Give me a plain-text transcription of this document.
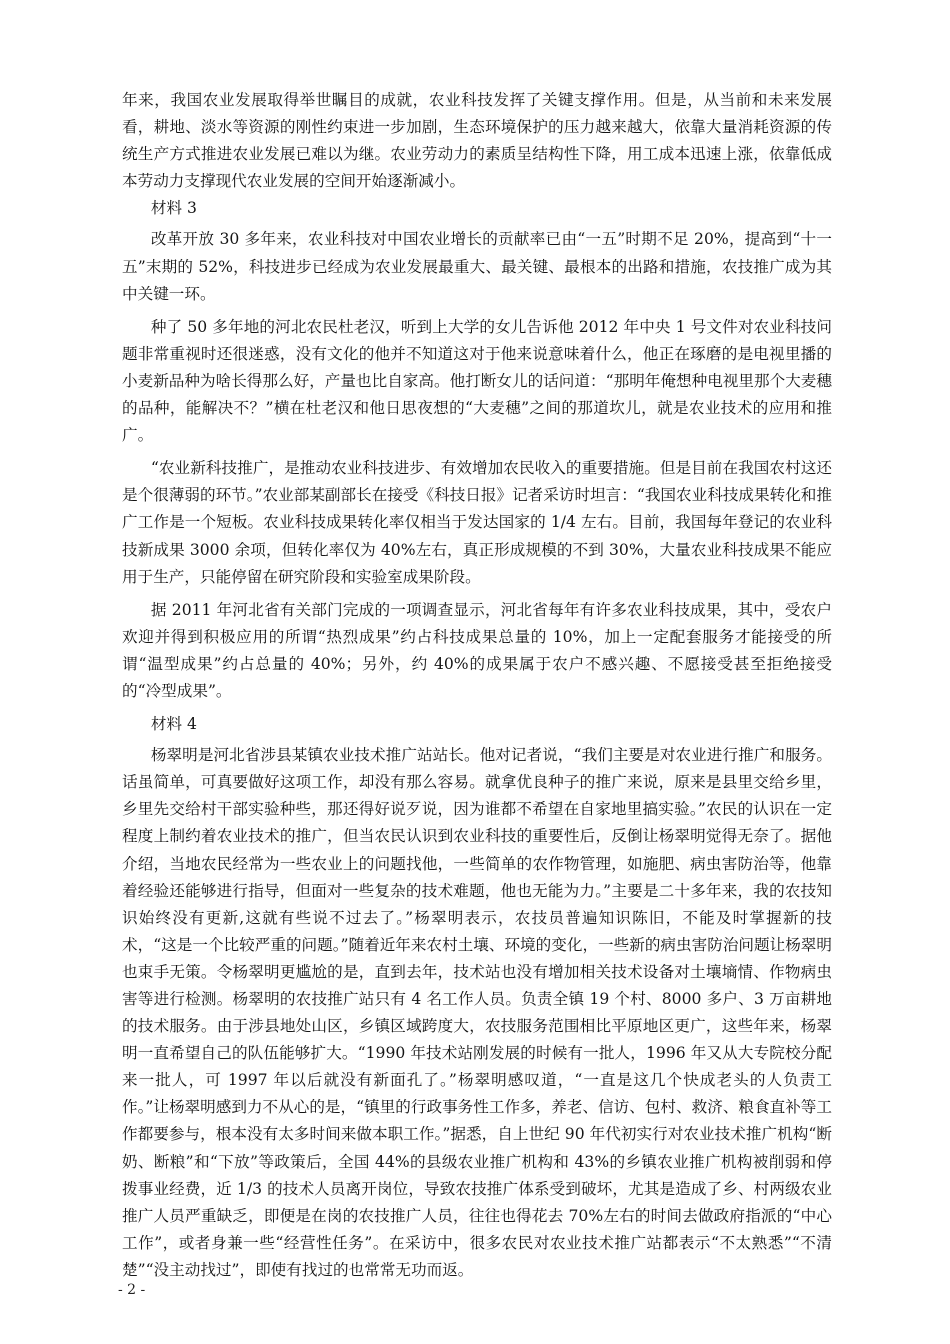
年来，我国农业发展取得举世瞩目的成就，农业科技发挥了关键支撑作用。但是，从当前和未来发展看，耕地、淡水等资源的刚性约束进一步加剧，生态环境保护的压力越来越大，依靠大量消耗资源的传统生产方式推进农业发展已难以为继。农业劳动力的素质呈结构性下降，用工成本迅速上涨，依靠低成本劳动力支撑现代农业发展的空间开始逐渐减小。

材料 3

改革开放 30 多年来，农业科技对中国农业增长的贡献率已由“一五”时期不足 20%，提高到“十一五”末期的 52%，科技进步已经成为农业发展最重大、最关键、最根本的出路和措施，农技推广成为其中关键一环。

种了 50 多年地的河北农民杜老汉，听到上大学的女儿告诉他 2012 年中央 1 号文件对农业科技问题非常重视时还很迷惑，没有文化的他并不知道这对于他来说意味着什么，他正在琢磨的是电视里播的小麦新品种为啥长得那么好，产量也比自家高。他打断女儿的话问道：“那明年俺想种电视里那个大麦穗的品种，能解决不？”横在杜老汉和他日思夜想的“大麦穗”之间的那道坎儿，就是农业技术的应用和推广。

“农业新科技推广，是推动农业科技进步、有效增加农民收入的重要措施。但是目前在我国农村这还是个很薄弱的环节。”农业部某副部长在接受《科技日报》记者采访时坦言：“我国农业科技成果转化和推广工作是一个短板。农业科技成果转化率仅相当于发达国家的 1/4 左右。目前，我国每年登记的农业科技新成果 3000 余项，但转化率仅为 40%左右，真正形成规模的不到 30%，大量农业科技成果不能应用于生产，只能停留在研究阶段和实验室成果阶段。

据 2011 年河北省有关部门完成的一项调查显示，河北省每年有许多农业科技成果，其中，受农户欢迎并得到积极应用的所谓“热烈成果”约占科技成果总量的 10%，加上一定配套服务才能接受的所谓“温型成果”约占总量的 40%；另外，约 40%的成果属于农户不感兴趣、不愿接受甚至拒绝接受的“冷型成果”。

材料 4

杨翠明是河北省涉县某镇农业技术推广站站长。他对记者说，“我们主要是对农业进行推广和服务。话虽简单，可真要做好这项工作，却没有那么容易。就拿优良种子的推广来说，原来是县里交给乡里，乡里先交给村干部实验种些，那还得好说歹说，因为谁都不希望在自家地里搞实验。”农民的认识在一定程度上制约着农业技术的推广，但当农民认识到农业科技的重要性后，反倒让杨翠明觉得无奈了。据他介绍，当地农民经常为一些农业上的问题找他，一些简单的农作物管理，如施肥、病虫害防治等，他靠着经验还能够进行指导，但面对一些复杂的技术难题，他也无能为力。”主要是二十多年来，我的农技知识始终没有更新,这就有些说不过去了。”杨翠明表示，农技员普遍知识陈旧，不能及时掌握新的技术，“这是一个比较严重的问题。”随着近年来农村土壤、环境的变化，一些新的病虫害防治问题让杨翠明也束手无策。令杨翠明更尴尬的是，直到去年，技术站也没有增加相关技术设备对土壤墒情、作物病虫害等进行检测。杨翠明的农技推广站只有 4 名工作人员。负责全镇 19 个村、8000 多户、3 万亩耕地的技术服务。由于涉县地处山区，乡镇区域跨度大，农技服务范围相比平原地区更广，这些年来，杨翠明一直希望自己的队伍能够扩大。“1990 年技术站刚发展的时候有一批人，1996 年又从大专院校分配来一批人，可 1997 年以后就没有新面孔了。”杨翠明感叹道，“一直是这几个快成老头的人负责工作。”让杨翠明感到力不从心的是，“镇里的行政事务性工作多，养老、信访、包村、救济、粮食直补等工作都要参与，根本没有太多时间来做本职工作。”据悉，自上世纪 90 年代初实行对农业技术推广机构“断奶、断粮”和“下放”等政策后，全国 44%的县级农业推广机构和 43%的乡镇农业推广机构被削弱和停拨事业经费，近 1/3 的技术人员离开岗位，导致农技推广体系受到破坏，尤其是造成了乡、村两级农业推广人员严重缺乏，即便是在岗的农技推广人员，往往也得花去 70%左右的时间去做政府指派的“中心工作”，或者身兼一些“经营性任务”。在采访中，很多农民对农业技术推广站都表示“不太熟悉”“不清楚”“没主动找过”，即使有找过的也常常无功而返。

- 2 -
